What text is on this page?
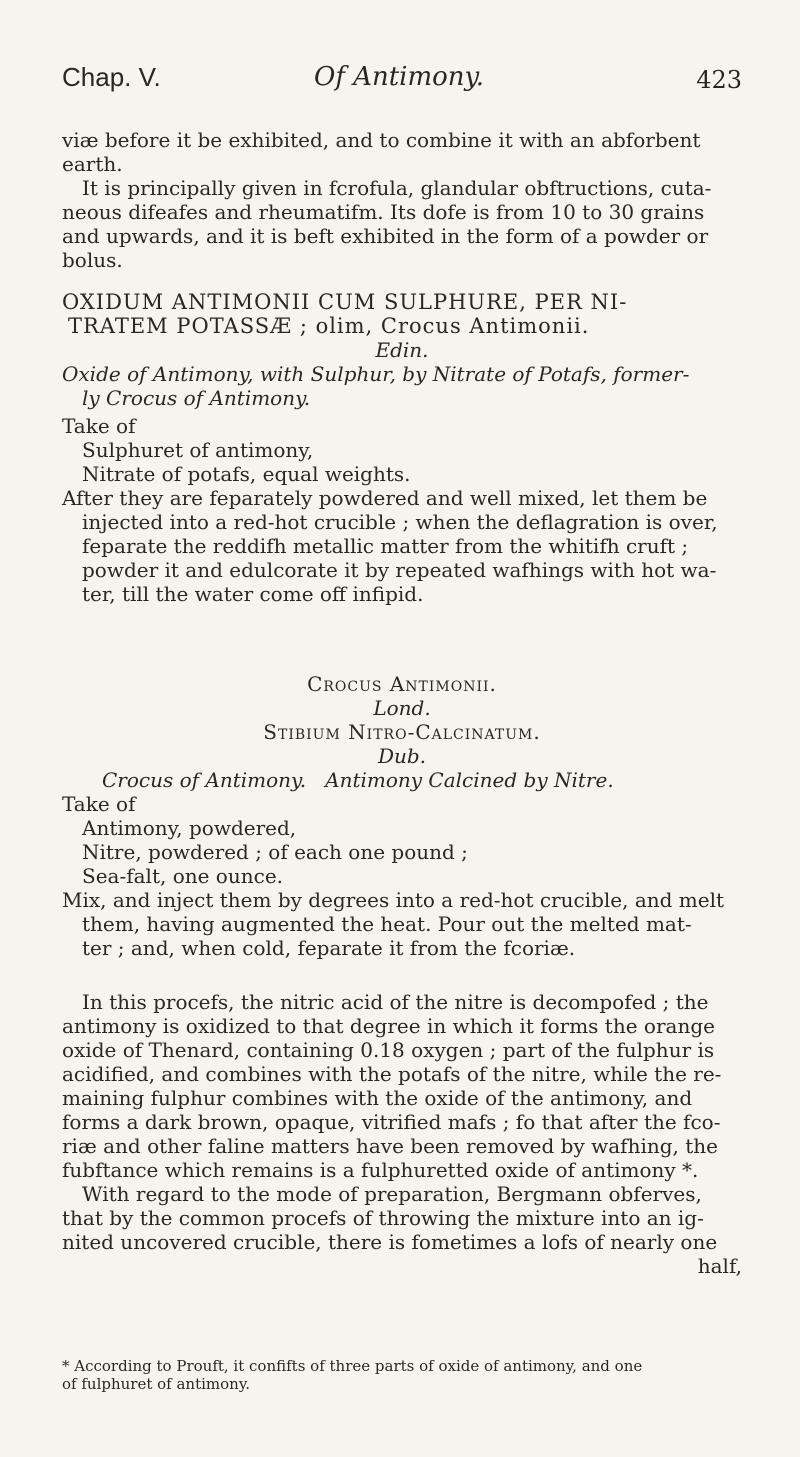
Chap. V.	Of Antimony.	423
viæ before it be exhibited, and to combine it with an abforbent
earth.
It is principally given in fcrofula, glandular obftructions, cuta-
neous difeafes and rheumatifm. Its dofe is from 10 to 30 grains
and upwards, and it is beft exhibited in the form of a powder or
bolus.
OXIDUM ANTIMONII CUM SULPHURE, PER NI-
TRATEM POTASSÆ ; olim, Crocus Antimonii.
Edin.
Oxide of Antimony, with Sulphur, by Nitrate of Potafs, former-
ly Crocus of Antimony.
Take of
Sulphuret of antimony,
Nitrate of potafs, equal weights.
After they are feparately powdered and well mixed, let them be
injected into a red-hot crucible ; when the deflagration is over,
feparate the reddifh metallic matter from the whitifh cruft ;
powder it and edulcorate it by repeated wafhings with hot wa-
ter, till the water come off infipid.
Crocus Antimonii.
Lond.
Stibium Nitro-Calcinatum.
Dub.
Crocus of Antimony.   Antimony Calcined by Nitre.
Take of
Antimony, powdered,
Nitre, powdered ; of each one pound ;
Sea-falt, one ounce.
Mix, and inject them by degrees into a red-hot crucible, and melt
them, having augmented the heat. Pour out the melted mat-
ter ; and, when cold, feparate it from the fcoriæ.
In this procefs, the nitric acid of the nitre is decompofed ; the
antimony is oxidized to that degree in which it forms the orange
oxide of Thenard, containing 0.18 oxygen ; part of the fulphur is
acidified, and combines with the potafs of the nitre, while the re-
maining fulphur combines with the oxide of the antimony, and
forms a dark brown, opaque, vitrified mafs ; fo that after the fco-
riæ and other faline matters have been removed by wafhing, the
fubftance which remains is a fulphuretted oxide of antimony *.
With regard to the mode of preparation, Bergmann obferves,
that by the common procefs of throwing the mixture into an ig-
nited uncovered crucible, there is fometimes a lofs of nearly one
half,
* According to Prouft, it confifts of three parts of oxide of antimony, and one
of fulphuret of antimony.
